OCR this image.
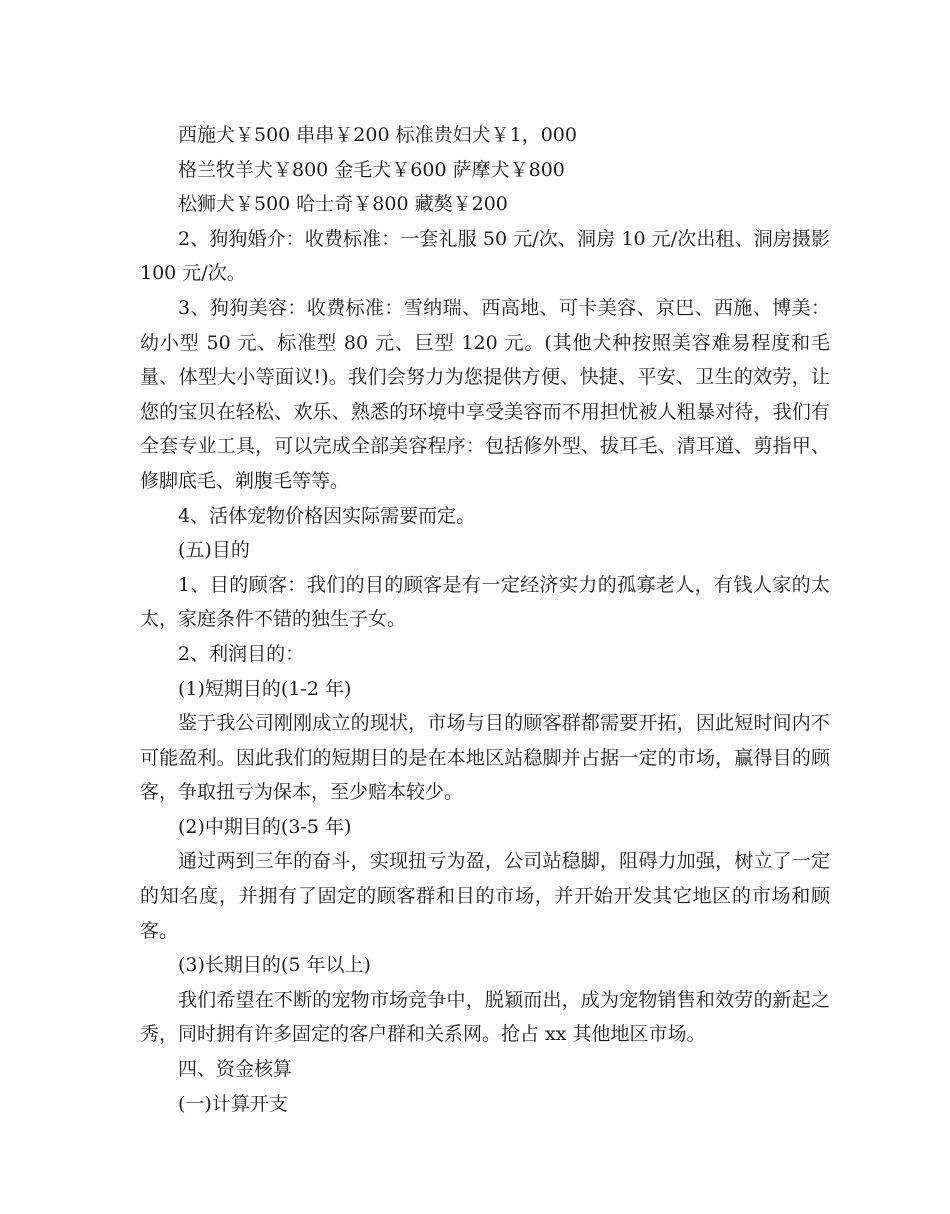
西施犬￥500 串串￥200 标准贵妇犬￥1，000

格兰牧羊犬￥800 金毛犬￥600 萨摩犬￥800

松狮犬￥500 哈士奇￥800 藏獒￥200

2、狗狗婚介：收费标准：一套礼服 50 元/次、洞房 10 元/次出租、洞房摄影 100 元/次。

3、狗狗美容：收费标准：雪纳瑞、西高地、可卡美容、京巴、西施、博美：幼小型 50 元、标准型 80 元、巨型 120 元。(其他犬种按照美容难易程度和毛量、体型大小等面议!)。我们会努力为您提供方便、快捷、平安、卫生的效劳，让您的宝贝在轻松、欢乐、熟悉的环境中享受美容而不用担忧被人粗暴对待，我们有全套专业工具，可以完成全部美容程序：包括修外型、拔耳毛、清耳道、剪指甲、修脚底毛、剃腹毛等等。

4、活体宠物价格因实际需要而定。

(五)目的

1、目的顾客：我们的目的顾客是有一定经济实力的孤寡老人，有钱人家的太太，家庭条件不错的独生子女。

2、利润目的：

(1)短期目的(1-2 年)

鉴于我公司刚刚成立的现状，市场与目的顾客群都需要开拓，因此短时间内不可能盈利。因此我们的短期目的是在本地区站稳脚并占据一定的市场，赢得目的顾客，争取扭亏为保本，至少赔本较少。

(2)中期目的(3-5 年)

通过两到三年的奋斗，实现扭亏为盈，公司站稳脚，阻碍力加强，树立了一定的知名度，并拥有了固定的顾客群和目的市场，并开始开发其它地区的市场和顾客。

(3)长期目的(5 年以上)

我们希望在不断的宠物市场竞争中，脱颖而出，成为宠物销售和效劳的新起之秀，同时拥有许多固定的客户群和关系网。抢占 xx 其他地区市场。

四、资金核算

(一)计算开支
